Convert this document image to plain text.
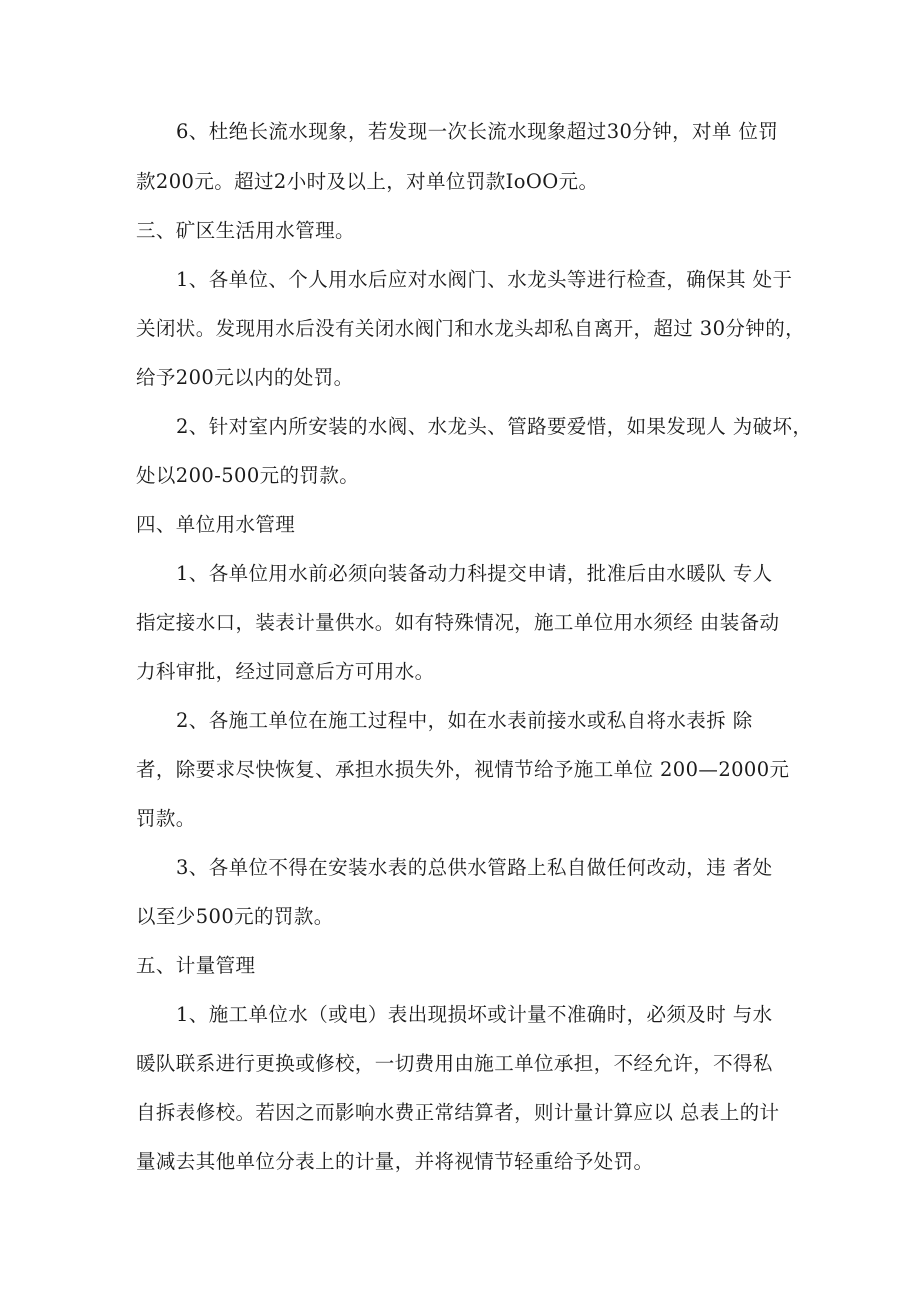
6、杜绝长流水现象，若发现一次长流水现象超过30分钟，对单 位罚
款200元。超过2小时及以上，对单位罚款IoOO元。
三、矿区生活用水管理。
1、各单位、个人用水后应对水阀门、水龙头等进行检查，确保其 处于
关闭状。发现用水后没有关闭水阀门和水龙头却私自离开，超过 30分钟的，
给予200元以内的处罚。
2、针对室内所安装的水阀、水龙头、管路要爱惜，如果发现人 为破坏，
处以200-500元的罚款。
四、单位用水管理
1、各单位用水前必须向装备动力科提交申请，批准后由水暖队 专人
指定接水口，装表计量供水。如有特殊情况，施工单位用水须经 由装备动
力科审批，经过同意后方可用水。
2、各施工单位在施工过程中，如在水表前接水或私自将水表拆 除
者，除要求尽快恢复、承担水损失外，视情节给予施工单位 200—2000元
罚款。
3、各单位不得在安装水表的总供水管路上私自做任何改动，违 者处
以至少500元的罚款。
五、计量管理
1、施工单位水（或电）表出现损坏或计量不准确时，必须及时 与水
暖队联系进行更换或修校，一切费用由施工单位承担，不经允许，不得私
自拆表修校。若因之而影响水费正常结算者，则计量计算应以 总表上的计
量减去其他单位分表上的计量，并将视情节轻重给予处罚。
